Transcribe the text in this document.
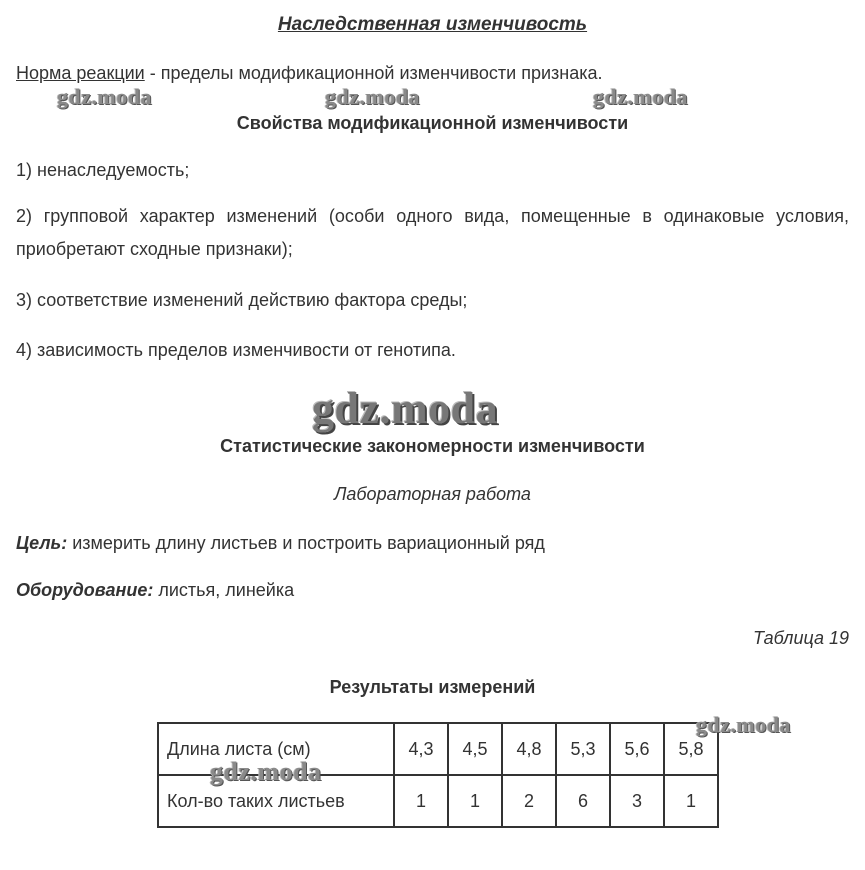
Наследственная изменчивость
Норма реакции - пределы модификационной изменчивости признака.
Свойства модификационной изменчивости
1) ненаследуемость;
2) групповой характер изменений (особи одного вида, помещенные в одинаковые условия, приобретают сходные признаки);
3) соответствие изменений действию фактора среды;
4) зависимость пределов изменчивости от генотипа.
Статистические закономерности изменчивости
Лабораторная работа
Цель: измерить длину листьев и построить вариационный ряд
Оборудование: листья, линейка
Таблица 19
Результаты измерений
Длина листа (см)	4,3	4,5	4,8	5,3	5,6	5,8
Кол-во таких листьев	1	1	2	6	3	1
gdz.moda	gdz.moda	gdz.moda
gdz.moda
gdz.moda
gdz.moda
